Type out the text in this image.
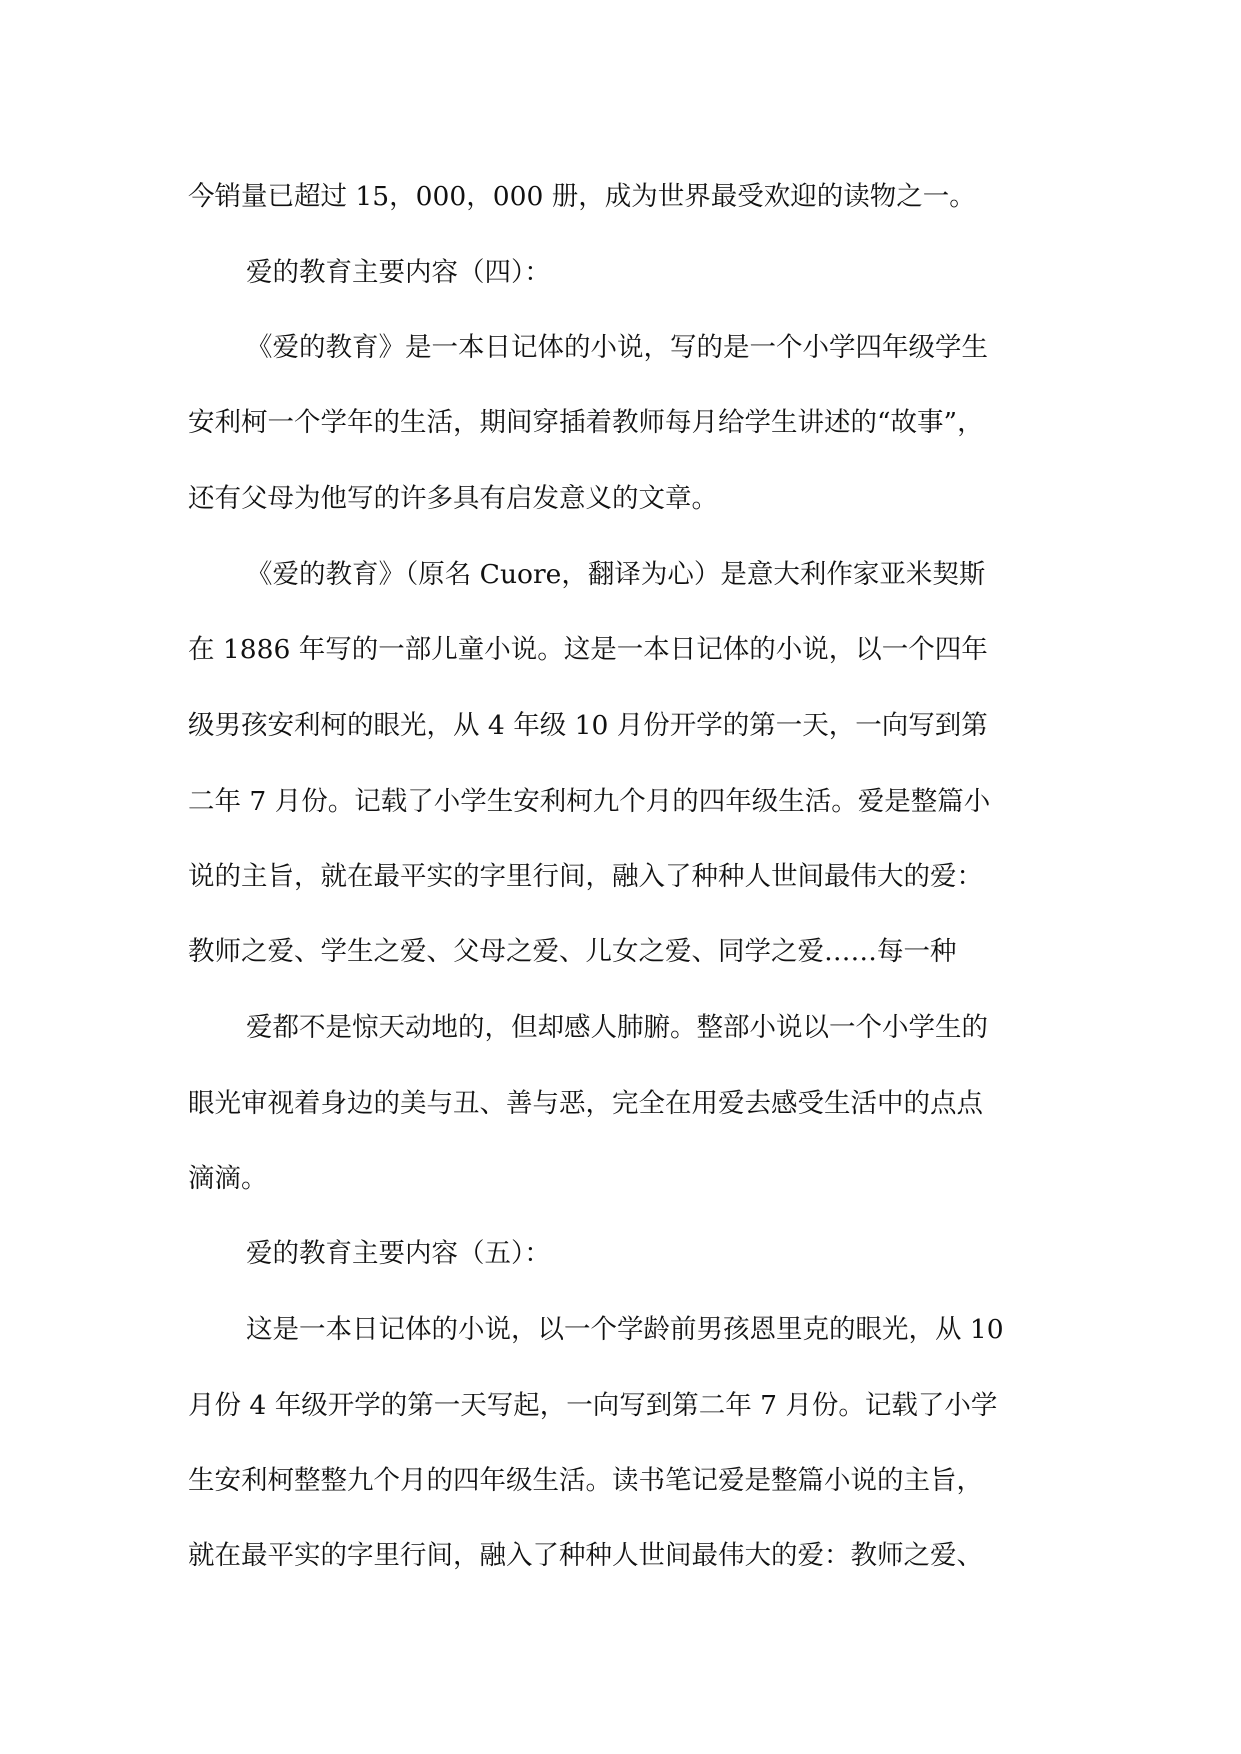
今销量已超过 15，000，000 册，成为世界最受欢迎的读物之一。
爱的教育主要内容（四）：
《爱的教育》是一本日记体的小说，写的是一个小学四年级学生
安利柯一个学年的生活，期间穿插着教师每月给学生讲述的“故事”，
还有父母为他写的许多具有启发意义的文章。
《爱的教育》（原名 Cuore，翻译为心）是意大利作家亚米契斯
在 1886 年写的一部儿童小说。这是一本日记体的小说，以一个四年
级男孩安利柯的眼光，从 4 年级 10 月份开学的第一天，一向写到第
二年 7 月份。记载了小学生安利柯九个月的四年级生活。爱是整篇小
说的主旨，就在最平实的字里行间，融入了种种人世间最伟大的爱：
教师之爱、学生之爱、父母之爱、儿女之爱、同学之爱……每一种
爱都不是惊天动地的，但却感人肺腑。整部小说以一个小学生的
眼光审视着身边的美与丑、善与恶，完全在用爱去感受生活中的点点
滴滴。
爱的教育主要内容（五）：
这是一本日记体的小说，以一个学龄前男孩恩里克的眼光，从 10
月份 4 年级开学的第一天写起，一向写到第二年 7 月份。记载了小学
生安利柯整整九个月的四年级生活。读书笔记爱是整篇小说的主旨，
就在最平实的字里行间，融入了种种人世间最伟大的爱：教师之爱、
